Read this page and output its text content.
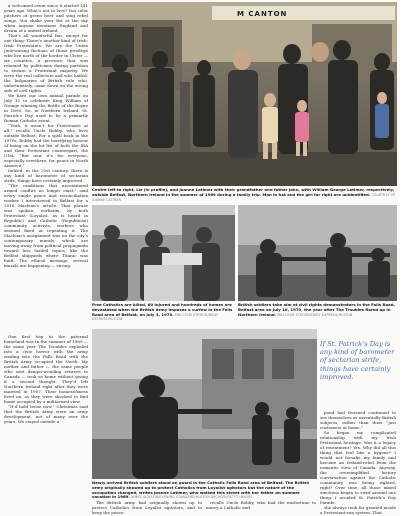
a welcomed event since it started 141 years ago. What’s not to love? You color pitchers of green beer and sing rebel songs. You shake your fist at the sky when anyone mentions England and dream of a united Ireland.

That’s all wonderful fun, except for one thing: There’s another kind of Irish: Irish Protestants. We are the Union Jack-waving factions of those privilege who live north of the border in Ulster — six counties, a province that was retained by politicians during partition to ensure a Protestant majority. We were the real collectors and who hailed, the bulguaries of British rule who, unfortunately, came down on the wrong side of civil rights.

We have our own annual parade on July 12 to celebrate King William of Orange winning the Battle of the Boyne in 1690. So, in Northern Ireland, St. Patrick’s Day used to be a primarily Roman Catholic event.

“Yeah, it wasn’t for Protestants at all,” recalls Uncle Bobby, who lives outside Belfast. For a spell back in the 1970s, Bobby had the horrifying honour of being on the hit list of both the IRA and their Protestant counterpart, the UDA. “But now it’s for everyone, especially overthere, for peace in North America.”

Indeed, in the 21st century, there is any kind of barometer of sectarian strife, things have certainly improved.

“The conditions that necessitated armed conflict no longer exist,” said every single peace and reconciliation worker I interviewed in Belfast for a 2016 Maclean’s article. That phrase was spoken, verbatim, by both Protestant (Loyalist, as is heard in Republic) and Catholic (Republican) community activists, workers who seemed fixed at repeating it. The Maclean’s assignment was on the city’s contemporary murals, which are moving away from political propaganda toward less loaded topics, like the Belfast shipyards where Titanic was built. The ethical message, several murals are happening — strong.

M CANTON
Centre left to right, Liz (in profile), and Joanne Latimer with their grandfather and father John, with William George Latimer, respectively, outside Belfast, Northern Ireland in the summer of 1969 during a family trip. Man in hat and the girl far right are unidentified. COURTESY OF JOANNE LATIMER
Free Catholics are killed, 60 injured and hundreds of homes are devastated when the British Army imposes a curfew in the Falls Road area of Belfast, on July 3, 1970. MALCOLM STROUD/DAILY EXPRESS/HULTON
British soldiers take aim at civil rights demonstrators in the Falls Road, Belfast area on July 10, 1970, the year after The Troubles flared up in Northern Ireland. MALCOLM STROUD/DAILY EXPRESS/HULTON
Newly arrived British soldiers stand on guard in the Catholic Falls Road area of Belfast. The British army originally showed up to protect Catholics from Loyalist agitators but the nature of the occupation changed, writes Joanne Latimer, who walked this street with her father on summer vacation in 1969. JAMES JACKSON/EVENING STANDARD/HULTON ARCHIVE/GETTY IMAGES
If St. Patrick’s Day is any kind of barometer of sectarian strife, things have certainly improved.

One first trip to the paternal homeland was in the summer of 1969 — the same year The Troubles exploded into a civic horror with the army wading into the Falls Road with the British Army occupied the North. My mother and father — the same people who sent danger-avoiding retirees to Canada — took us home without giving it a second thought. They’d left Northern Ireland right after they were married in 1957. Their homesickness lived on, as they were shocked to find home occupied by a militarized view.

“It’d hold tense now,” Christmas said that the British Army were an army development, not of many over the years. We stayed outside a

The British army had originally shown up to protect Catholics from Loyalist agitators, and to keep the peace.

recalls Uncle Bobby, who had the misfortune to marry a Catholic and	she always took for granted inside a Protestant-run system. That

pond had frowned continued to see themselves as essentially British subjects, rather than their “just customers at home.”

So began my complicated relationship with my Irish Protestant heritage. Was it a legacy of resentment? Yes. Why did all this thing that feel like a bygone? I would not forsake my family and become an Ireland-rebel from the romantic view of Canada. Anyway, the oversimplified history conversation against the Catholic community was being righted, right? Over time, all those mixed emotions began to swirl around one thing: I avoided St. Patrick’s Day Parade.
